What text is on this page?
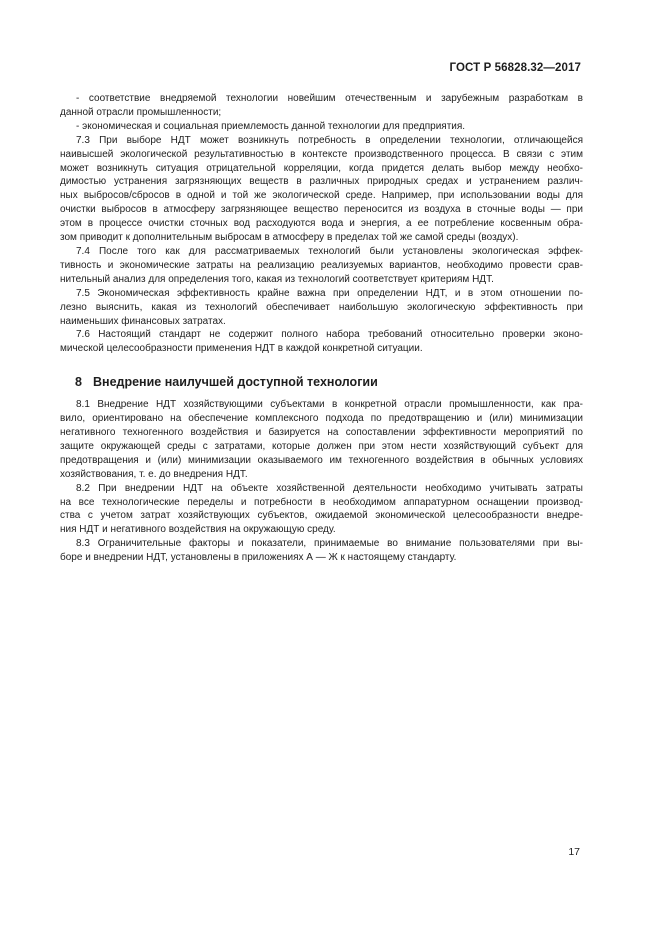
ГОСТ Р 56828.32—2017

- соответствие внедряемой технологии новейшим отечественным и зарубежным разработкам в
данной отрасли промышленности;

- экономическая и социальная приемлемость данной технологии для предприятия.

7.3 При выборе НДТ может возникнуть потребность в определении технологии, отличающейся
наивысшей экологической результативностью в контексте производственного процесса. В связи с этим
может возникнуть ситуация отрицательной корреляции, когда придется делать выбор между необхо-
димостью устранения загрязняющих веществ в различных природных средах и устранением различ-
ных выбросов/сбросов в одной и той же экологической среде. Например, при использовании воды для
очистки выбросов в атмосферу загрязняющее вещество переносится из воздуха в сточные воды — при
этом в процессе очистки сточных вод расходуются вода и энергия, а ее потребление косвенным обра-
зом приводит к дополнительным выбросам в атмосферу в пределах той же самой среды (воздух).

7.4 После того как для рассматриваемых технологий были установлены экологическая эффек-
тивность и экономические затраты на реализацию реализуемых вариантов, необходимо провести срав-
нительный анализ для определения того, какая из технологий соответствует критериям НДТ.

7.5 Экономическая эффективность крайне важна при определении НДТ, и в этом отношении по-
лезно выяснить, какая из технологий обеспечивает наибольшую экологическую эффективность при
наименьших финансовых затратах.

7.6 Настоящий стандарт не содержит полного набора требований относительно проверки эконо-
мической целесообразности применения НДТ в каждой конкретной ситуации.

8 Внедрение наилучшей доступной технологии

8.1 Внедрение НДТ хозяйствующими субъектами в конкретной отрасли промышленности, как пра-
вило, ориентировано на обеспечение комплексного подхода по предотвращению и (или) минимизации
негативного техногенного воздействия и базируется на сопоставлении эффективности мероприятий по
защите окружающей среды с затратами, которые должен при этом нести хозяйствующий субъект для
предотвращения и (или) минимизации оказываемого им техногенного воздействия в обычных условиях
хозяйствования, т. е. до внедрения НДТ.

8.2 При внедрении НДТ на объекте хозяйственной деятельности необходимо учитывать затраты
на все технологические переделы и потребности в необходимом аппаратурном оснащении производ-
ства с учетом затрат хозяйствующих субъектов, ожидаемой экономической целесообразности внедре-
ния НДТ и негативного воздействия на окружающую среду.

8.3 Ограничительные факторы и показатели, принимаемые во внимание пользователями при вы-
боре и внедрении НДТ, установлены в приложениях А — Ж к настоящему стандарту.

17
